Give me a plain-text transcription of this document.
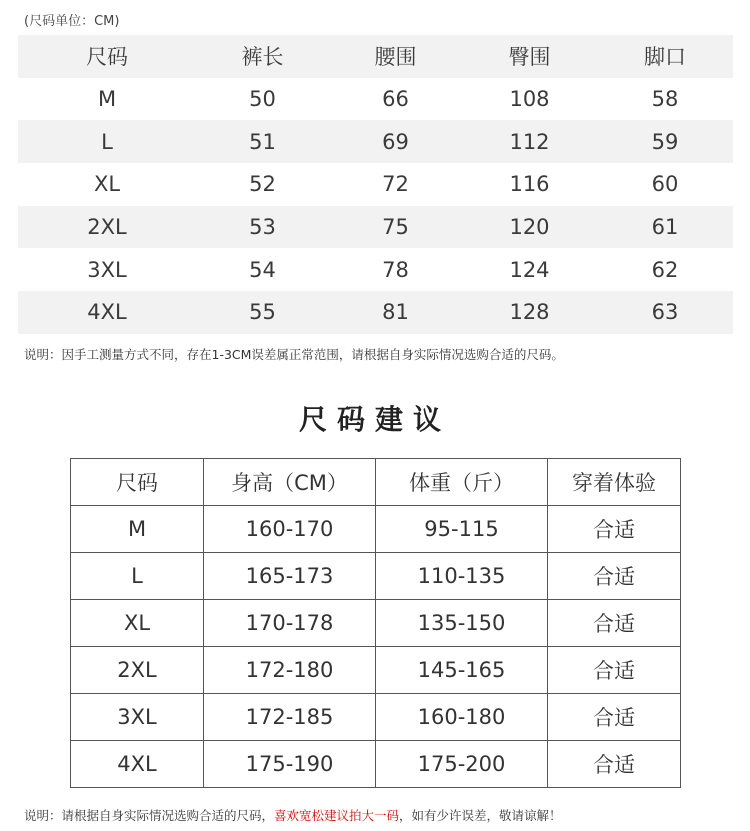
(尺码单位：CM)
尺码	裤长	腰围	臀围	脚口
M	50	66	108	58
L	51	69	112	59
XL	52	72	116	60
2XL	53	75	120	61
3XL	54	78	124	62
4XL	55	81	128	63
说明：因手工测量方式不同，存在1-3CM误差属正常范围，请根据自身实际情况选购合适的尺码。
尺码建议
尺码	身高（CM）	体重（斤）	穿着体验
M	160-170	95-115	合适
L	165-173	110-135	合适
XL	170-178	135-150	合适
2XL	172-180	145-165	合适
3XL	172-185	160-180	合适
4XL	175-190	175-200	合适
说明：请根据自身实际情况选购合适的尺码，喜欢宽松建议拍大一码，如有少许误差，敬请谅解！
